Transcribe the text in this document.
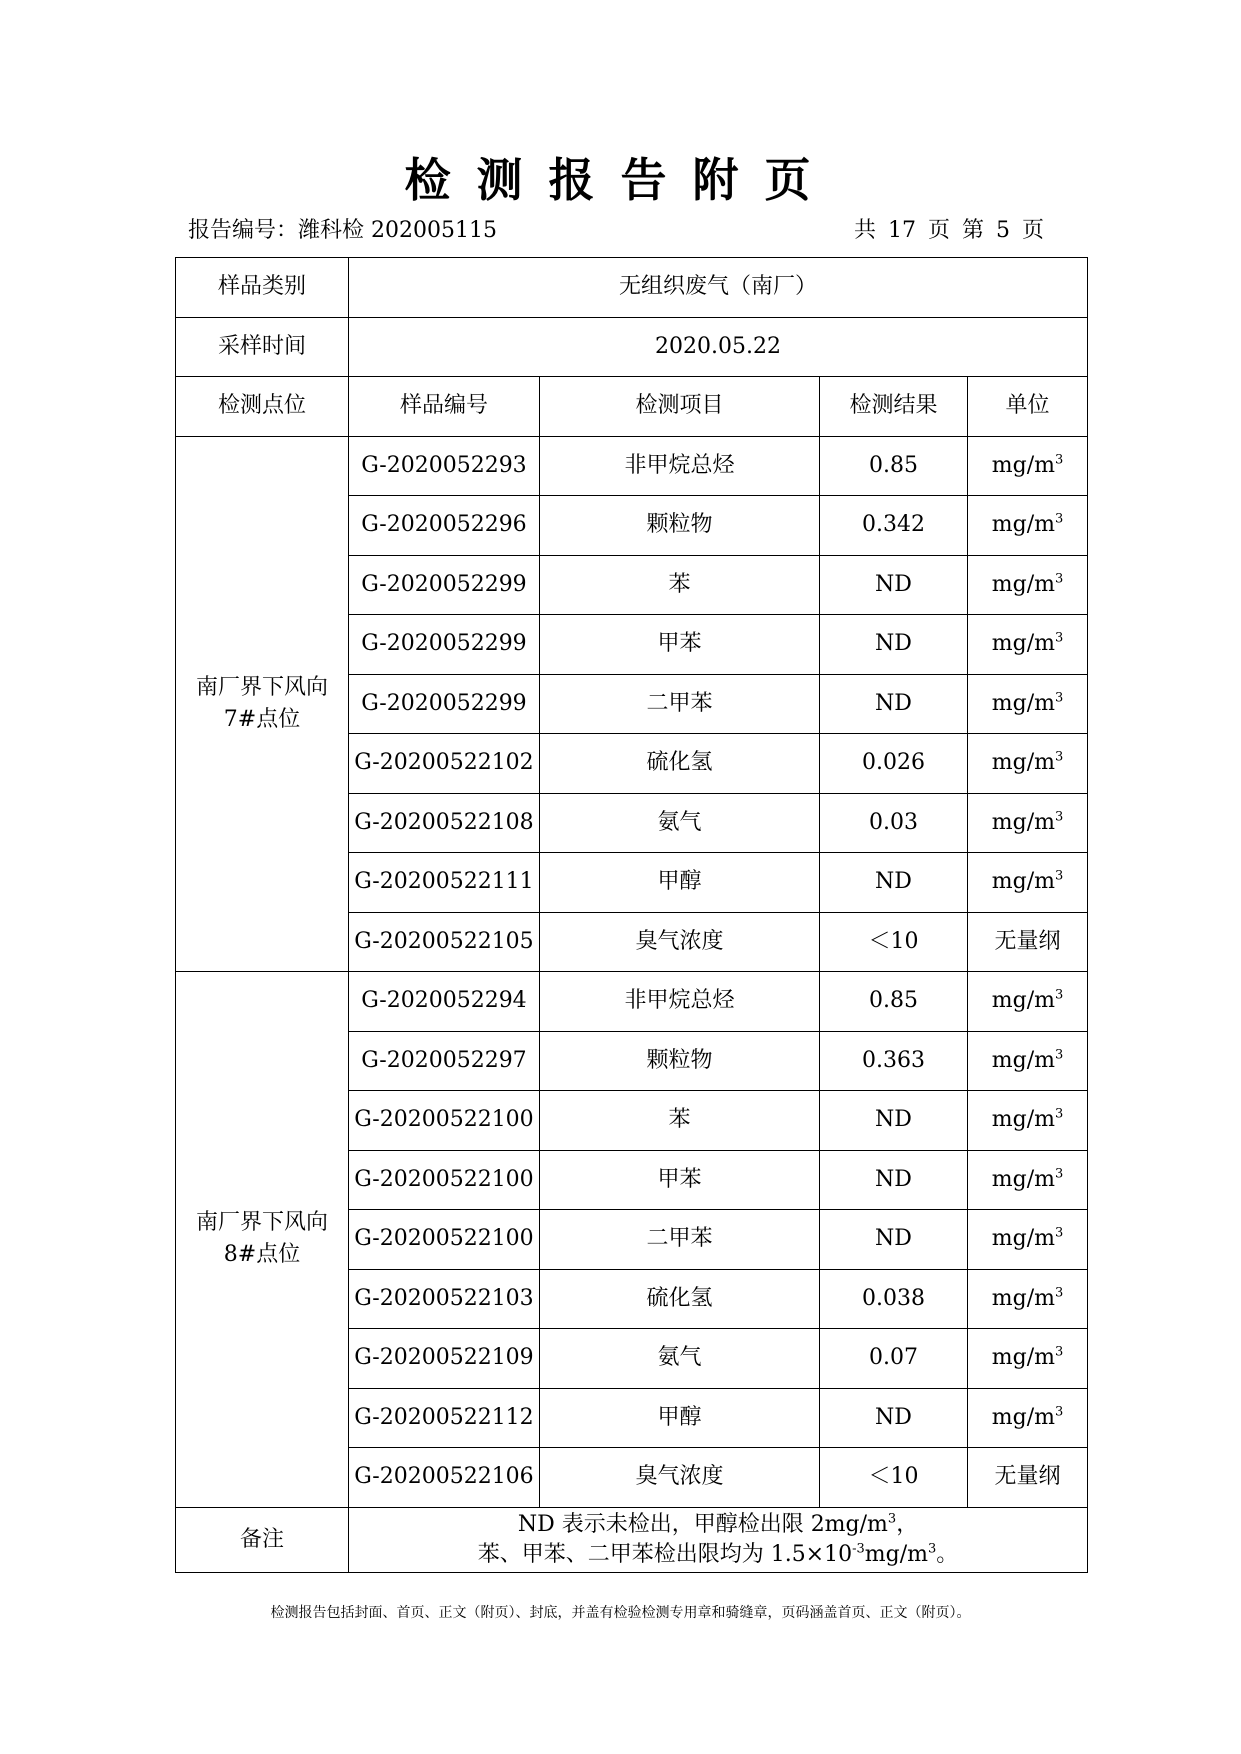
检测报告附页
报告编号：潍科检 202005115	共 17 页 第 5 页
样品类别	无组织废气（南厂）			
采样时间	2020.05.22			
检测点位	样品编号	检测项目	检测结果	单位

南厂界下风向
7#点位	G-2020052293	非甲烷总烃	0.85	$mg/m^3$
	G-2020052296	颗粒物	0.342	$mg/m^3$
	G-2020052299	苯	ND	$mg/m^3$
	G-2020052299	甲苯	ND	$mg/m^3$
	G-2020052299	二甲苯	ND	$mg/m^3$
	G-20200522102	硫化氢	0.026	$mg/m^3$
	G-20200522108	氨气	0.03	$mg/m^3$
	G-20200522111	甲醇	ND	$mg/m^3$
	G-20200522105	臭气浓度	＜10	无量纲

南厂界下风向
8#点位	G-2020052294	非甲烷总烃	0.85	$mg/m^3$
	G-2020052297	颗粒物	0.363	$mg/m^3$
	G-20200522100	苯	ND	$mg/m^3$
	G-20200522100	甲苯	ND	$mg/m^3$
	G-20200522100	二甲苯	ND	$mg/m^3$
	G-20200522103	硫化氢	0.038	$mg/m^3$
	G-20200522109	氨气	0.07	$mg/m^3$
	G-20200522112	甲醇	ND	$mg/m^3$
	G-20200522106	臭气浓度	＜10	无量纲
备注	ND 表示未检出，甲醇检出限 $2mg/m^3$，
苯、甲苯、二甲苯检出限均为 $1.5\times 10^{-3}mg/m^3$。			
检测报告包括封面、首页、正文（附页）、封底，并盖有检验检测专用章和骑缝章，页码涵盖首页、正文（附页）。
